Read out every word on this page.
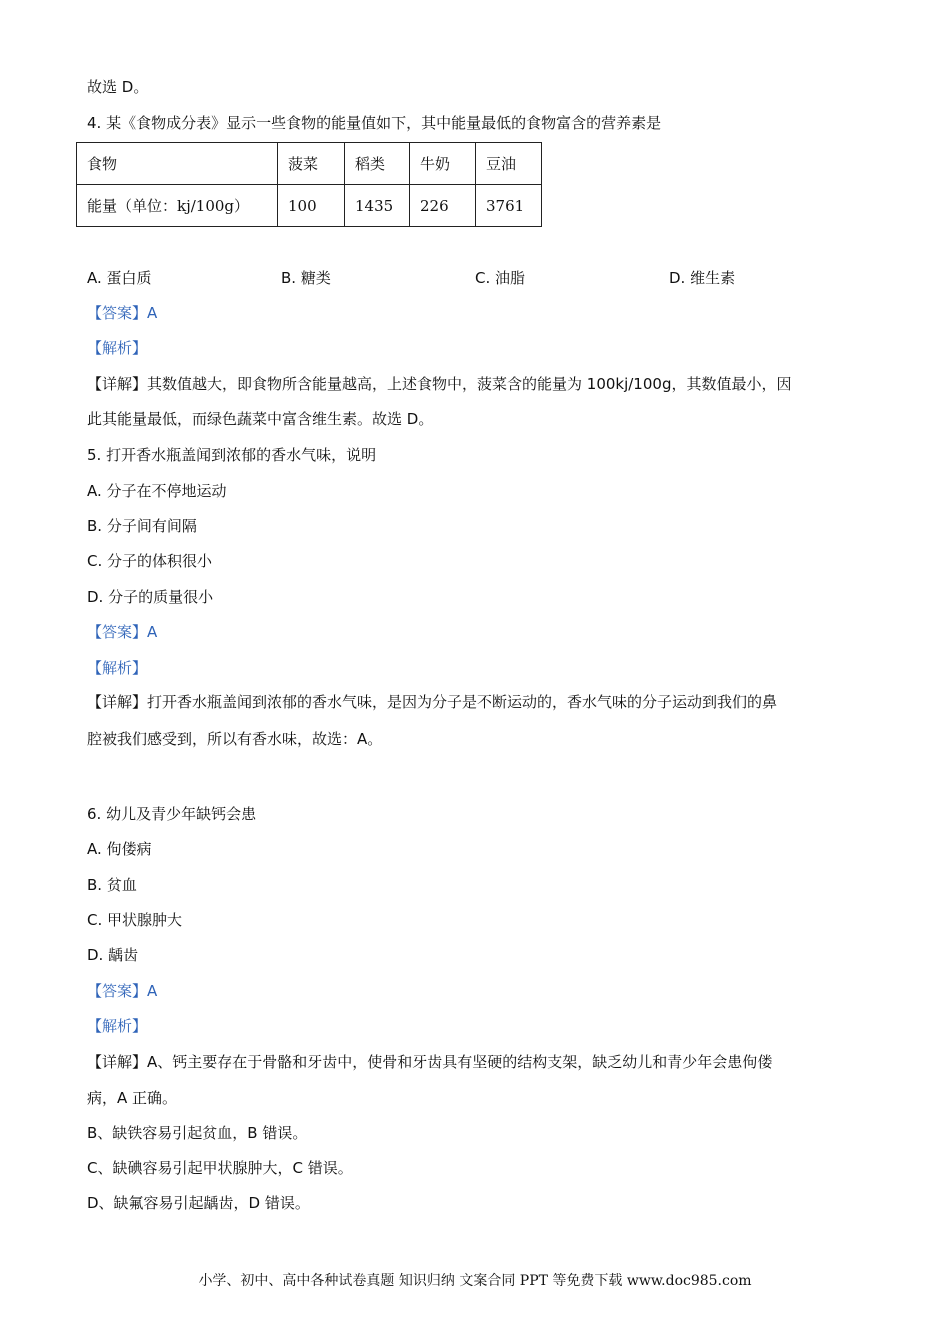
故选 D。
4. 某《食物成分表》显示一些食物的能量值如下，其中能量最低的食物富含的营养素是
食物	菠菜	稻类	牛奶	豆油
能量（单位：kj/100g）	100	1435	226	3761
A. 蛋白质	B. 糖类	C. 油脂	D. 维生素
【答案】A
【解析】
【详解】其数值越大，即食物所含能量越高，上述食物中，菠菜含的能量为 100kj/100g，其数值最小，因
此其能量最低，而绿色蔬菜中富含维生素。故选 D。
5. 打开香水瓶盖闻到浓郁的香水气味，说明
A. 分子在不停地运动
B. 分子间有间隔
C. 分子的体积很小
D. 分子的质量很小
【答案】A
【解析】
【详解】打开香水瓶盖闻到浓郁的香水气味，是因为分子是不断运动的，香水气味的分子运动到我们的鼻
腔被我们感受到，所以有香水味，故选：A。
6. 幼儿及青少年缺钙会患
A. 佝偻病
B. 贫血
C. 甲状腺肿大
D. 龋齿
【答案】A
【解析】
【详解】A、钙主要存在于骨骼和牙齿中，使骨和牙齿具有坚硬的结构支架，缺乏幼儿和青少年会患佝偻
病，A 正确。
B、缺铁容易引起贫血，B 错误。
C、缺碘容易引起甲状腺肿大，C 错误。
D、缺氟容易引起龋齿，D 错误。
小学、初中、高中各种试卷真题 知识归纳 文案合同 PPT 等免费下载 www.doc985.com
